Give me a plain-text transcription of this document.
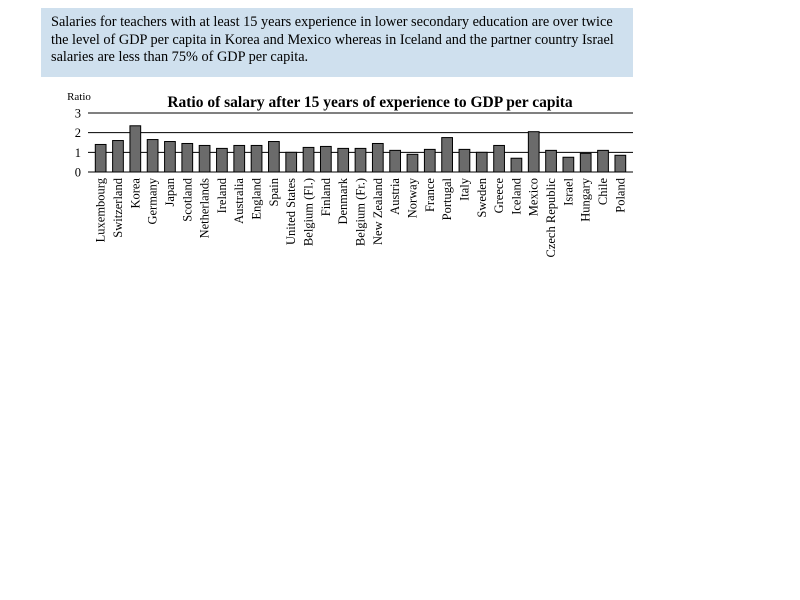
Salaries for teachers with at least 15 years experience in lower secondary education are over twice the level of GDP per capita in Korea and Mexico whereas in Iceland and the partner country Israel salaries are less than 75% of GDP per capita.
Ratio of salary after 15 years of experience to GDP per capita
Ratio
0
1
2
3
Luxembourg Switzerland Korea Germany Japan Scotland Netherlands Ireland Australia England Spain United States Belgium (Fl.) Finland Denmark Belgium (Fr.) New Zealand Austria Norway France Portugal Italy Sweden Greece Iceland Mexico Czech Republic Israel Hungary Chile Poland
